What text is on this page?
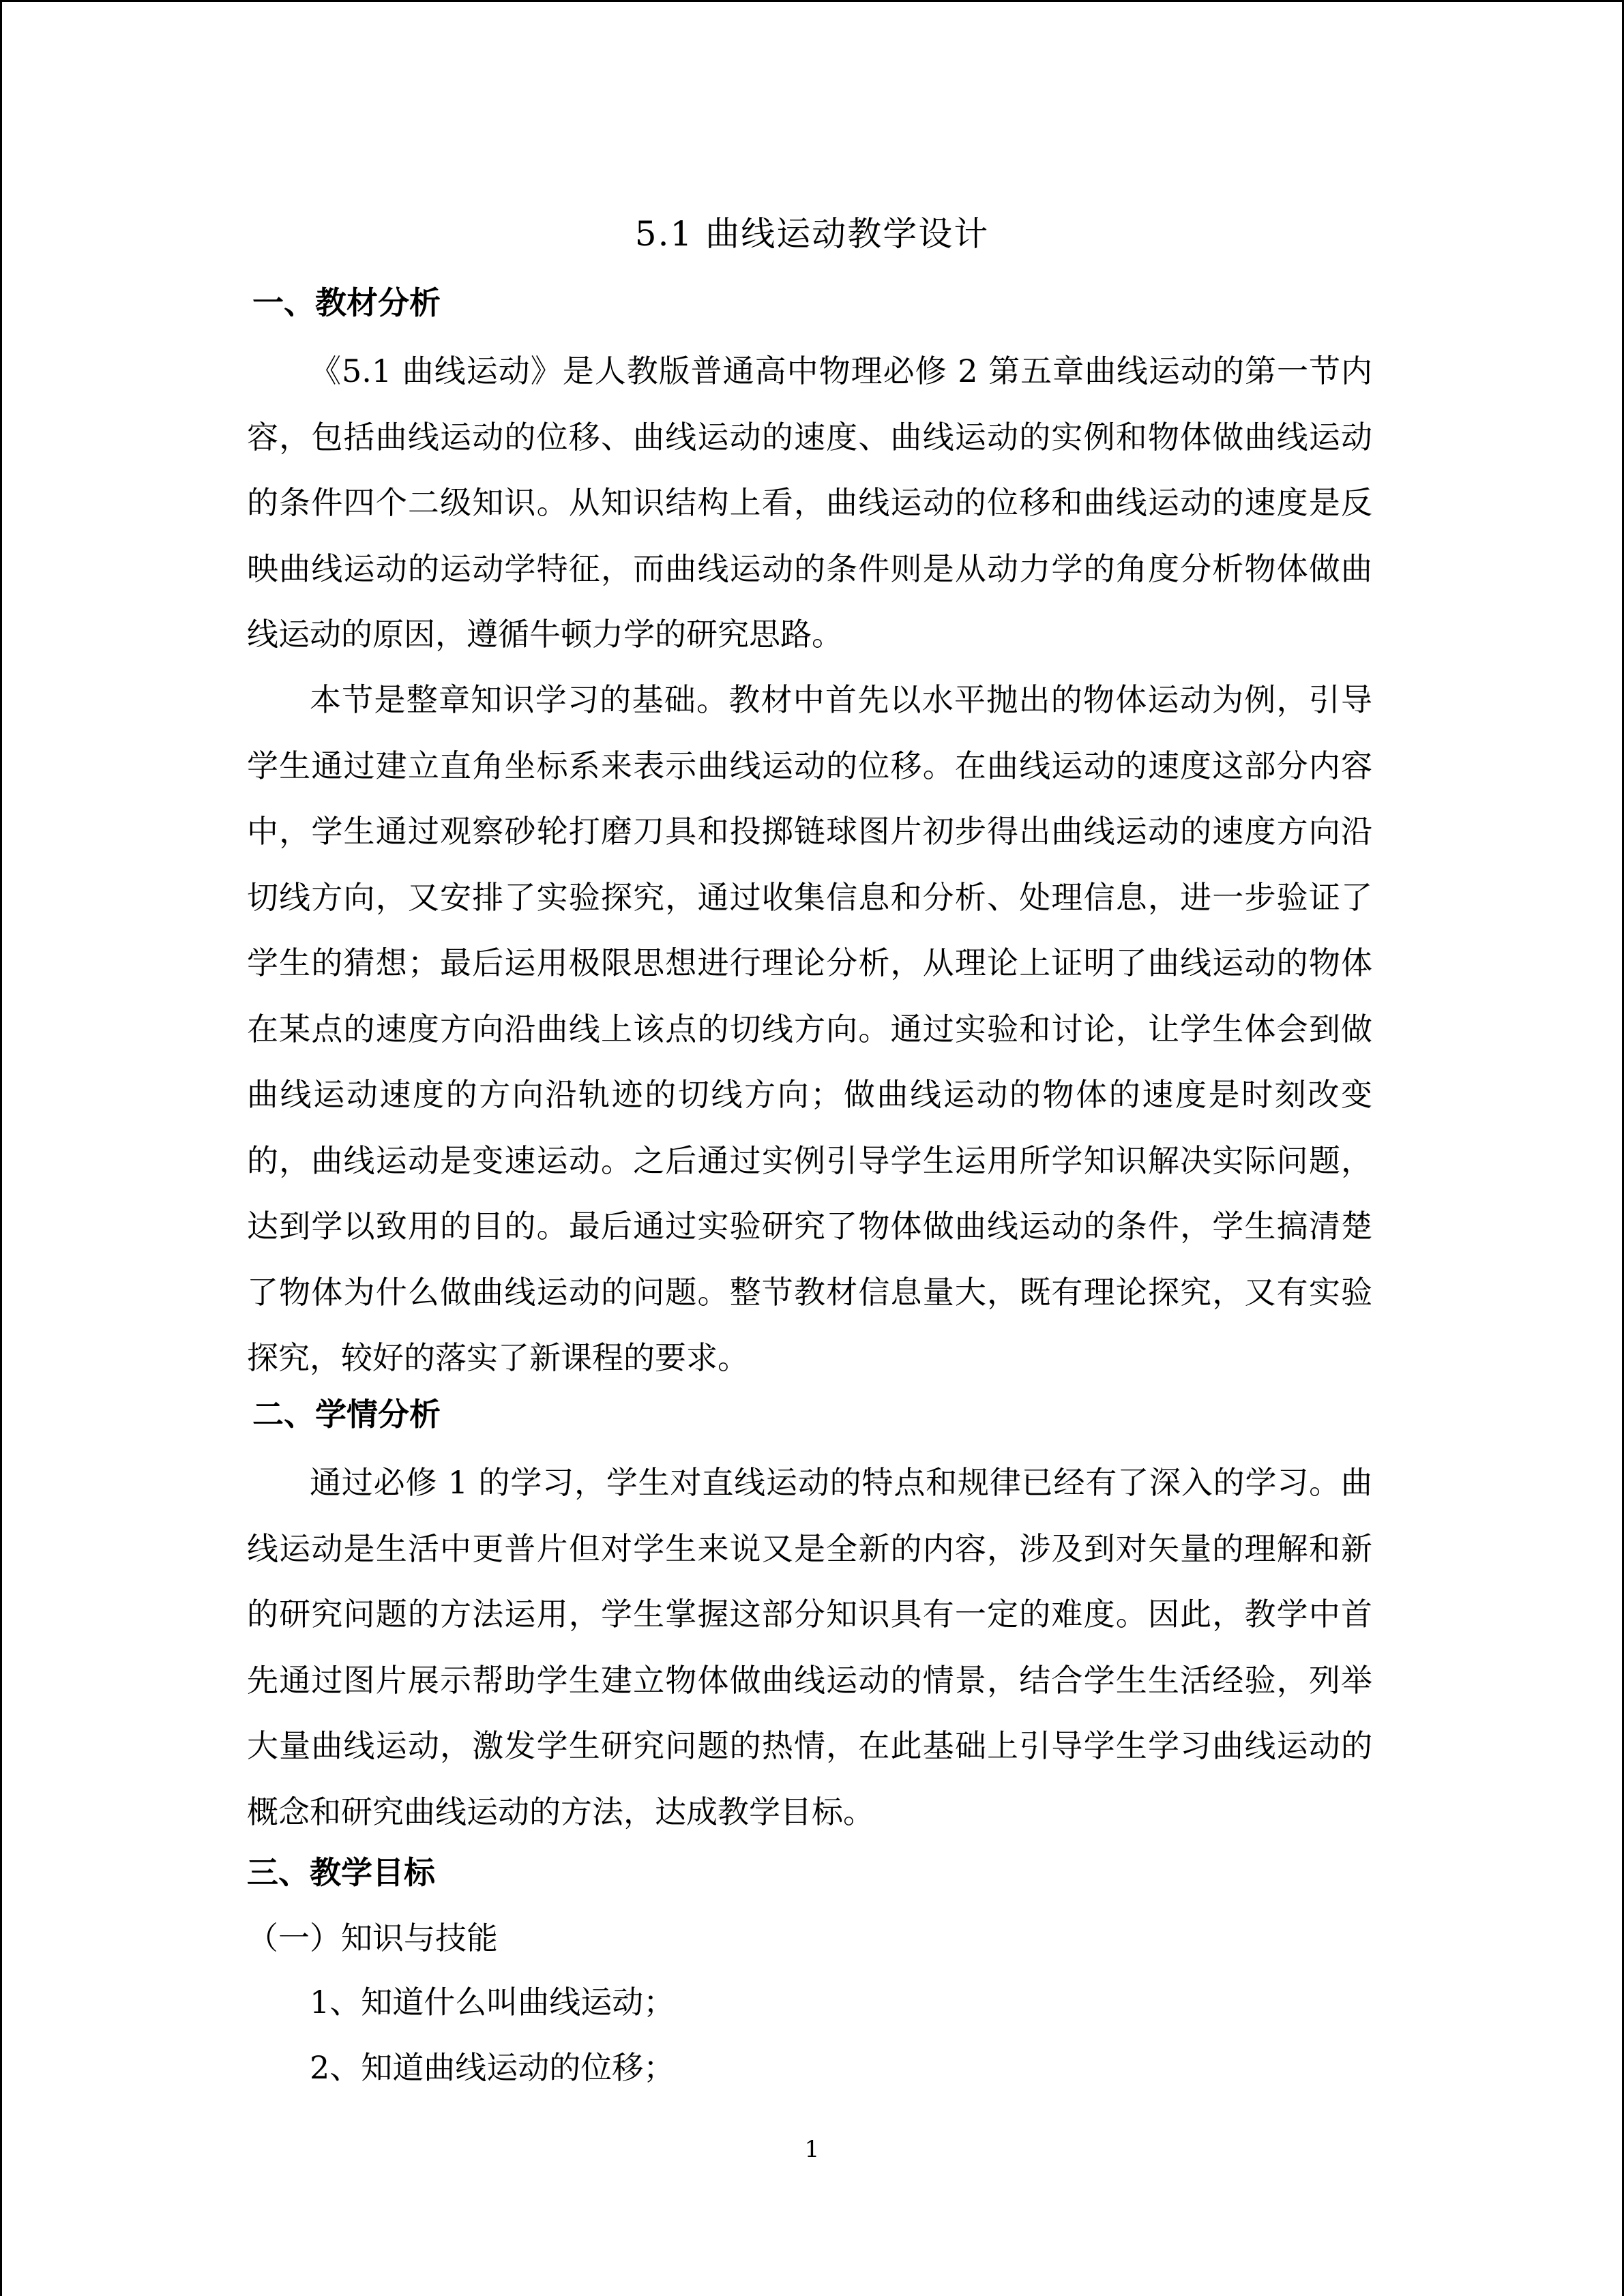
5.1 曲线运动教学设计
一、教材分析

《5.1 曲线运动》是人教版普通高中物理必修 2 第五章曲线运动的第一节内容，包括曲线运动的位移、曲线运动的速度、曲线运动的实例和物体做曲线运动的条件四个二级知识。从知识结构上看，曲线运动的位移和曲线运动的速度是反映曲线运动的运动学特征，而曲线运动的条件则是从动力学的角度分析物体做曲线运动的原因，遵循牛顿力学的研究思路。

本节是整章知识学习的基础。教材中首先以水平抛出的物体运动为例，引导学生通过建立直角坐标系来表示曲线运动的位移。在曲线运动的速度这部分内容中，学生通过观察砂轮打磨刀具和投掷链球图片初步得出曲线运动的速度方向沿切线方向，又安排了实验探究，通过收集信息和分析、处理信息，进一步验证了学生的猜想；最后运用极限思想进行理论分析，从理论上证明了曲线运动的物体在某点的速度方向沿曲线上该点的切线方向。通过实验和讨论，让学生体会到做曲线运动速度的方向沿轨迹的切线方向；做曲线运动的物体的速度是时刻改变的，曲线运动是变速运动。之后通过实例引导学生运用所学知识解决实际问题，达到学以致用的目的。最后通过实验研究了物体做曲线运动的条件，学生搞清楚了物体为什么做曲线运动的问题。整节教材信息量大，既有理论探究，又有实验探究，较好的落实了新课程的要求。

二、学情分析

通过必修 1 的学习，学生对直线运动的特点和规律已经有了深入的学习。曲线运动是生活中更普片但对学生来说又是全新的内容，涉及到对矢量的理解和新的研究问题的方法运用，学生掌握这部分知识具有一定的难度。因此，教学中首先通过图片展示帮助学生建立物体做曲线运动的情景，结合学生生活经验，列举大量曲线运动，激发学生研究问题的热情，在此基础上引导学生学习曲线运动的概念和研究曲线运动的方法，达成教学目标。

三、教学目标
（一）知识与技能
1、知道什么叫曲线运动；
2、知道曲线运动的位移；
1
